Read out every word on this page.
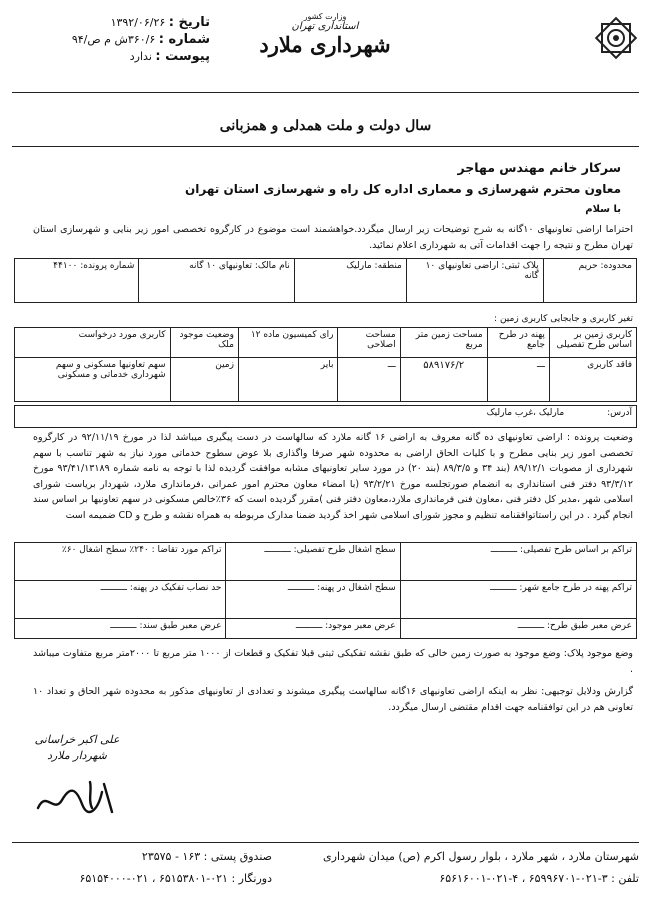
تاریخ : ۱۳۹۲/۰۶/۲۶
شماره : ۳۶۰/۶ش م ص/۹۴
پیوست : ندارد
وزارت کشور
استانداری تهران
شهرداری ملارد
سال دولت و ملت همدلی و همزبانی
سرکار خانم مهندس مهاجر
معاون محترم شهرسازی و معماری اداره کل راه و شهرسازی استان تهران
با سلام
احتراما اراضی تعاونیهای ۱۰گانه به شرح توضیحات زیر ارسال میگردد.خواهشمند است موضوع در کارگروه تخصصی امور زیر بنایی و شهرسازی استان تهران مطرح و نتیجه را جهت اقدامات آتی به شهرداری اعلام نمائید.
محدوده: حریم	پلاک ثبتی: اراضی تعاونیهای ۱۰ گانه	منطقه: مارلیک	نام مالک: تعاونیهای ۱۰ گانه	شماره پرونده: ۴۴۱۰۰
تغیر کاربری و جابجایی کاربری زمین :
کاربری زمین بر اساس طرح تفصیلی	پهنه در طرح جامع	مساحت زمین متر مربع	مساحت اصلاحی	رای کمیسیون ماده ۱۲	وضعیت موجود ملک	کاربری مورد درخواست
فاقد کاربری	ـــ	۵۸۹۱۷۶/۲	ـــ	بایر	زمین	سهم تعاونیها مسکونی و سهم شهرداری خدماتی و مسکونی
آدرس: مارلیک ،غرب مارلیک
وضعیت پرونده : اراضی تعاونیهای ده گانه معروف به اراضی ۱۶ گانه ملارد که سالهاست در دست پیگیری میباشد لذا در مورخ ۹۲/۱۱/۱۹ در کارگروه تخصصی امور زیر بنایی مطرح و با کلیات الحاق اراضی به محدوده شهر صرفا واگذاری بلا عوض سطوح خدماتی مورد نیاز به شهر تناسب با سهم شهرداری از مصوبات ۸۹/۱۲/۱ (بند ۳۴ و ۸۹/۳/۵ (بند ۲۰) در مورد سایر تعاونیهای مشابه موافقت گردیده لذا با توجه به نامه شماره ۹۳/۴۱/۱۳۱۸۹ مورخ ۹۳/۳/۱۲ دفتر فنی استانداری به انضمام صورتجلسه مورخ ۹۳/۲/۲۱ (با امضاء معاون محترم امور عمرانی ،فرمانداری ملارد، شهردار بریاست شورای اسلامی شهر ،مدیر کل دفتر فنی ،معاون فنی فرمانداری ملارد،معاون دفتر فنی )مقرر گردیده است که ۳۶٪خالص مسکونی در سهم تعاونیها بر اساس سند انجام گیرد . در این راستاتوافقنامه تنظیم و مجوز شورای اسلامی شهر اخذ گردید ضمنا مدارک مربوطه به همراه نقشه و طرح و CD ضمیمه است
تراکم بر اساس طرح تفصیلی: ــــــــــ	سطح اشغال طرح تفصیلی: ــــــــــ	تراکم مورد تقاضا : ۲۴۰٪ سطح اشغال ۶۰٪
تراکم پهنه در طرح جامع شهر: ــــــــــ	سطح اشغال در پهنه: ــــــــــ	حد نصاب تفکیک در پهنه: ــــــــــ
عرض معبر طبق طرح: ــــــــــ	عرض معبر موجود: ــــــــــ	عرض معبر طبق سند: ــــــــــ
وضع موجود پلاک: وضع موجود به صورت زمین خالی که طبق نقشه تفکیکی ثبتی قبلا تفکیک و قطعات از ۱۰۰۰ متر مربع تا ۲۰۰۰متر مربع متفاوت میباشد .
گزارش ودلایل توجیهی: نظر به اینکه اراضی تعاونیهای ۱۶گانه سالهاست پیگیری میشوند و تعدادی از تعاونیهای مذکور به محدوده شهر الحاق و تعداد ۱۰ تعاونی هم در این توافقنامه جهت اقدام مقتضی ارسال میگردد.
علی اکبر خراسانی
شهردار ملارد
شهرستان ملارد ، شهر ملارد ، بلوار رسول اکرم (ص) میدان شهرداری
تلفن : ۳-۰۲۱-۶۵۹۹۶۷۰۱ ، ۴-۰۲۱-۶۵۶۱۶۰۰۱
صندوق پستی : ۱۶۳ - ۲۳۵۷۵
دورنگار : ۰۲۱-۶۵۱۵۳۸۰۱ ، ۰۲۱-۶۵۱۵۴۰۰۰
